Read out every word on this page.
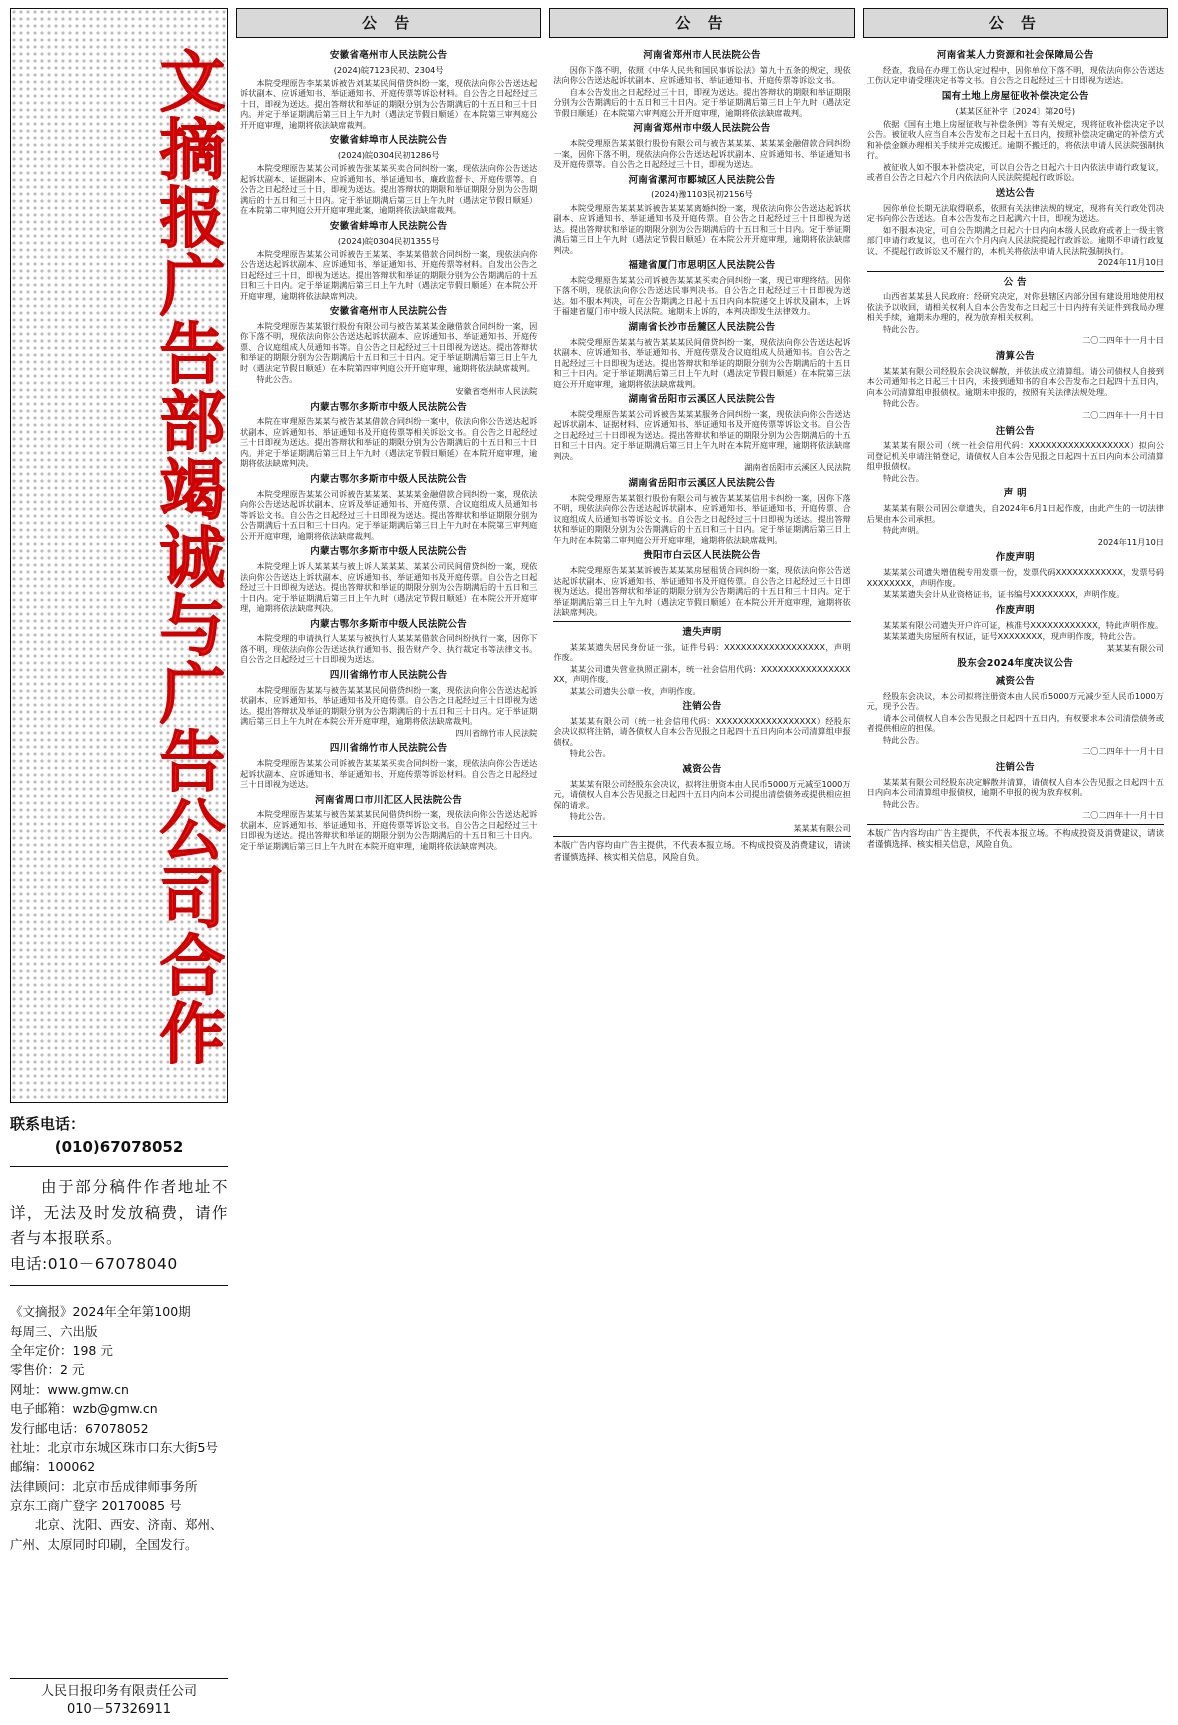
文摘报广告部竭诚与广告公司合作
联系电话：
(010)67078052

由于部分稿件作者地址不详，无法及时发放稿费，请作者与本报联系。

电话:010－67078040

《文摘报》2024年全年第100期

每周三、六出版

全年定价：198 元

零售价：2 元

网址：www.gmw.cn

电子邮箱：wzb@gmw.cn

发行邮电话：67078052

社址：北京市东城区珠市口东大街5号

邮编：100062

法律顾问：北京市岳成律师事务所

京东工商广登字 20170085 号

北京、沈阳、西安、济南、郑州、广州、太原同时印刷，全国发行。

人民日报印务有限责任公司
010－57326911
公 告
安徽省亳州市人民法院公告
(2024)皖7123民初、2304号

本院受理原告李某某诉被告刘某某民间借贷纠纷一案，现依法向你公告送达起诉状副本、应诉通知书、举证通知书、开庭传票等诉讼材料。自公告之日起经过三十日，即视为送达。提出答辩状和举证的期限分别为公告期满后的十五日和三十日内。并定于举证期满后第三日上午九时（遇法定节假日顺延）在本院第三审判庭公开开庭审理，逾期将依法缺席裁判。

安徽省蚌埠市人民法院公告
(2024)皖0304民初1286号

本院受理原告某某公司诉被告张某某买卖合同纠纷一案，现依法向你公告送达起诉状副本、证据副本、应诉通知书、举证通知书、廉政监督卡、开庭传票等。自公告之日起经过三十日，即视为送达。提出答辩状的期限和举证期限分别为公告期满后的十五日和三十日内。定于举证期满后第三日上午九时（遇法定节假日顺延）在本院第二审判庭公开开庭审理此案，逾期将依法缺席裁判。

安徽省蚌埠市人民法院公告
(2024)皖0304民初1355号

本院受理原告某某公司诉被告王某某、李某某借款合同纠纷一案，现依法向你公告送达起诉状副本、应诉通知书、举证通知书、开庭传票等材料。自发出公告之日起经过三十日，即视为送达。提出答辩状和举证的期限分别为公告期满后的十五日和三十日内。定于举证期满后第三日上午九时（遇法定节假日顺延）在本院公开开庭审理，逾期将依法缺席判决。

安徽省亳州市人民法院公告

本院受理原告某某银行股份有限公司与被告某某某金融借款合同纠纷一案，因你下落不明，现依法向你公告送达起诉状副本、应诉通知书、举证通知书、开庭传票、合议庭组成人员通知书等。自公告之日起经过三十日即视为送达。提出答辩状和举证的期限分别为公告期满后十五日和三十日内。定于举证期满后第三日上午九时（遇法定节假日顺延）在本院第四审判庭公开开庭审理，逾期将依法缺席裁判。

特此公告。

安徽省亳州市人民法院
内蒙古鄂尔多斯市中级人民法院公告

本院在审理原告某某与被告某某借款合同纠纷一案中，依法向你公告送达起诉状副本、应诉通知书、举证通知书及开庭传票等相关诉讼文书。自公告之日起经过三十日即视为送达。提出答辩状和举证的期限分别为公告期满后的十五日和三十日内。并定于举证期满后第三日上午九时（遇法定节假日顺延）在本院开庭审理，逾期将依法缺席判决。

内蒙古鄂尔多斯市中级人民法院公告

本院受理原告某某公司诉被告某某某、某某某金融借款合同纠纷一案，现依法向你公告送达起诉状副本、应诉及举证通知书、开庭传票、合议庭组成人员通知书等诉讼文书。自公告之日起经过三十日即视为送达。提出答辩状和举证期限分别为公告期满后十五日和三十日内。定于举证期满后第三日上午九时在本院第三审判庭公开开庭审理，逾期将依法缺席裁判。

内蒙古鄂尔多斯市中级人民法院公告

本院受理上诉人某某某与被上诉人某某某、某某公司民间借贷纠纷一案，现依法向你公告送达上诉状副本、应诉通知书、举证通知书及开庭传票。自公告之日起经过三十日即视为送达。提出答辩状和举证的期限分别为公告期满后的十五日和三十日内。定于举证期满后第三日上午九时（遇法定节假日顺延）在本院公开开庭审理，逾期将依法缺席判决。

内蒙古鄂尔多斯市中级人民法院公告

本院受理的申请执行人某某与被执行人某某某借款合同纠纷执行一案，因你下落不明，现依法向你公告送达执行通知书、报告财产令、执行裁定书等法律文书。自公告之日起经过三十日即视为送达。

四川省绵竹市人民法院公告

本院受理原告某某与被告某某某民间借贷纠纷一案，现依法向你公告送达起诉状副本、应诉通知书、举证通知书及开庭传票。自公告之日起经过三十日即视为送达。提出答辩状及举证的期限分别为公告期满后的十五日和三十日内。定于举证期满后第三日上午九时在本院公开开庭审理，逾期将依法缺席裁判。

四川省绵竹市人民法院
四川省绵竹市人民法院公告

本院受理原告某某公司诉被告某某某买卖合同纠纷一案，现依法向你公告送达起诉状副本、应诉通知书、举证通知书、开庭传票等诉讼材料。自公告之日起经过三十日即视为送达。

河南省周口市川汇区人民法院公告

本院受理原告某某与被告某某某民间借贷纠纷一案，现依法向你公告送达起诉状副本、应诉通知书、举证通知书、开庭传票等诉讼文书。自公告之日起经过三十日即视为送达。提出答辩状和举证的期限分别为公告期满后的十五日和三十日内。定于举证期满后第三日上午九时在本院开庭审理，逾期将依法缺席判决。

公 告
河南省郑州市人民法院公告

因你下落不明，依照《中华人民共和国民事诉讼法》第九十五条的规定，现依法向你公告送达起诉状副本、应诉通知书、举证通知书、开庭传票等诉讼文书。

自本公告发出之日起经过三十日，即视为送达。提出答辩状的期限和举证期限分别为公告期满后的十五日和三十日内。定于举证期满后第三日上午九时（遇法定节假日顺延）在本院第六审判庭公开开庭审理，逾期将依法缺席裁判。

河南省郑州市中级人民法院公告

本院受理原告某某银行股份有限公司与被告某某某、某某某金融借款合同纠纷一案，因你下落不明，现依法向你公告送达起诉状副本、应诉通知书、举证通知书及开庭传票等。自公告之日起经过三十日，即视为送达。

河南省漯河市郾城区人民法院公告
(2024)豫1103民初2156号

本院受理原告某某某诉被告某某某离婚纠纷一案，现依法向你公告送达起诉状副本、应诉通知书、举证通知书及开庭传票。自公告之日起经过三十日即视为送达。提出答辩状和举证的期限分别为公告期满后的十五日和三十日内。定于举证期满后第三日上午九时（遇法定节假日顺延）在本院公开开庭审理，逾期将依法缺席判决。

福建省厦门市思明区人民法院公告

本院受理原告某某公司诉被告某某某买卖合同纠纷一案，现已审理终结。因你下落不明，现依法向你公告送达民事判决书。自公告之日起经过三十日即视为送达。如不服本判决，可在公告期满之日起十五日内向本院递交上诉状及副本，上诉于福建省厦门市中级人民法院。逾期未上诉的，本判决即发生法律效力。

湖南省长沙市岳麓区人民法院公告

本院受理原告某某与被告某某某民间借贷纠纷一案，现依法向你公告送达起诉状副本、应诉通知书、举证通知书、开庭传票及合议庭组成人员通知书。自公告之日起经过三十日即视为送达。提出答辩状和举证的期限分别为公告期满后的十五日和三十日内。定于举证期满后第三日上午九时（遇法定节假日顺延）在本院第三法庭公开开庭审理，逾期将依法缺席裁判。

湖南省岳阳市云溪区人民法院公告

本院受理原告某某公司诉被告某某某服务合同纠纷一案，现依法向你公告送达起诉状副本、证据材料、应诉通知书、举证通知书及开庭传票等诉讼文书。自公告之日起经过三十日即视为送达。提出答辩状和举证的期限分别为公告期满后的十五日和三十日内。定于举证期满后第三日上午九时在本院开庭审理，逾期将依法缺席判决。

湖南省岳阳市云溪区人民法院
湖南省岳阳市云溪区人民法院公告

本院受理原告某某银行股份有限公司与被告某某某信用卡纠纷一案，因你下落不明，现依法向你公告送达起诉状副本、应诉通知书、举证通知书、开庭传票、合议庭组成人员通知书等诉讼文书。自公告之日起经过三十日即视为送达。提出答辩状和举证的期限分别为公告期满后的十五日和三十日内。定于举证期满后第三日上午九时在本院第二审判庭公开开庭审理，逾期将依法缺席裁判。

贵阳市白云区人民法院公告

本院受理原告某某某诉被告某某某房屋租赁合同纠纷一案，现依法向你公告送达起诉状副本、应诉通知书、举证通知书及开庭传票。自公告之日起经过三十日即视为送达。提出答辩状和举证的期限分别为公告期满后的十五日和三十日内。定于举证期满后第三日上午九时（遇法定节假日顺延）在本院公开开庭审理，逾期将依法缺席判决。

遗失声明

某某某遗失居民身份证一张，证件号码：XXXXXXXXXXXXXXXXXX，声明作废。

某某公司遗失营业执照正副本，统一社会信用代码：XXXXXXXXXXXXXXXXXX，声明作废。

某某公司遗失公章一枚，声明作废。

注销公告

某某某有限公司（统一社会信用代码：XXXXXXXXXXXXXXXXXX）经股东会决议拟将注销，请各债权人自本公告见报之日起四十五日内向本公司清算组申报债权。

特此公告。

减资公告

某某某有限公司经股东会决议，拟将注册资本由人民币5000万元减至1000万元，请债权人自本公告见报之日起四十五日内向本公司提出清偿债务或提供相应担保的请求。

特此公告。

某某某有限公司
本版广告内容均由广告主提供，不代表本报立场。不构成投资及消费建议，请读者谨慎选择、核实相关信息，风险自负。
公 告
河南省某人力资源和社会保障局公告

经查，我局在办理工伤认定过程中，因你单位下落不明，现依法向你公告送达工伤认定申请受理决定书等文书。自公告之日起经过三十日即视为送达。

国有土地上房屋征收补偿决定公告
(某某区征补字〔2024〕第20号)

依据《国有土地上房屋征收与补偿条例》等有关规定，现将征收补偿决定予以公告。被征收人应当自本公告发布之日起十五日内，按照补偿决定确定的补偿方式和补偿金额办理相关手续并完成搬迁。逾期不搬迁的，将依法申请人民法院强制执行。

被征收人如不服本补偿决定，可以自公告之日起六十日内依法申请行政复议，或者自公告之日起六个月内依法向人民法院提起行政诉讼。

送达公告

因你单位长期无法取得联系，依照有关法律法规的规定，现将有关行政处罚决定书向你公告送达。自本公告发布之日起满六十日，即视为送达。

如不服本决定，可自公告期满之日起六十日内向本级人民政府或者上一级主管部门申请行政复议，也可在六个月内向人民法院提起行政诉讼。逾期不申请行政复议、不提起行政诉讼又不履行的，本机关将依法申请人民法院强制执行。

2024年11月10日
公 告

山西省某某县人民政府：经研究决定，对你县辖区内部分国有建设用地使用权依法予以收回，请相关权利人自本公告发布之日起三十日内持有关证件到我局办理相关手续，逾期未办理的，视为放弃相关权利。

特此公告。

二〇二四年十一月十日
清算公告

某某某有限公司经股东会决议解散，并依法成立清算组。请公司债权人自接到本公司通知书之日起三十日内，未接到通知书的自本公告发布之日起四十五日内，向本公司清算组申报债权。逾期未申报的，按照有关法律法规处理。

特此公告。

二〇二四年十一月十日
注销公告

某某某有限公司（统一社会信用代码：XXXXXXXXXXXXXXXXXX）拟向公司登记机关申请注销登记，请债权人自本公告见报之日起四十五日内向本公司清算组申报债权。

特此公告。

声 明

某某某有限公司因公章遗失，自2024年6月1日起作废，由此产生的一切法律后果由本公司承担。

特此声明。

2024年11月10日
作废声明

某某某公司遗失增值税专用发票一份，发票代码XXXXXXXXXXXX，发票号码XXXXXXXX，声明作废。

某某某遗失会计从业资格证书，证书编号XXXXXXXX，声明作废。

作废声明

某某某有限公司遗失开户许可证，核准号XXXXXXXXXXXX，特此声明作废。

某某某遗失房屋所有权证，证号XXXXXXXX，现声明作废，特此公告。

某某某有限公司
股东会2024年度决议公告
减资公告

经股东会决议，本公司拟将注册资本由人民币5000万元减少至人民币1000万元，现予公告。

请本公司债权人自本公告见报之日起四十五日内，有权要求本公司清偿债务或者提供相应的担保。

特此公告。

二〇二四年十一月十日
注销公告

某某某有限公司经股东决定解散并清算，请债权人自本公告见报之日起四十五日内向本公司清算组申报债权，逾期不申报的视为放弃权利。

特此公告。

二〇二四年十一月十日
本版广告内容均由广告主提供，不代表本报立场。不构成投资及消费建议，请读者谨慎选择、核实相关信息，风险自负。
